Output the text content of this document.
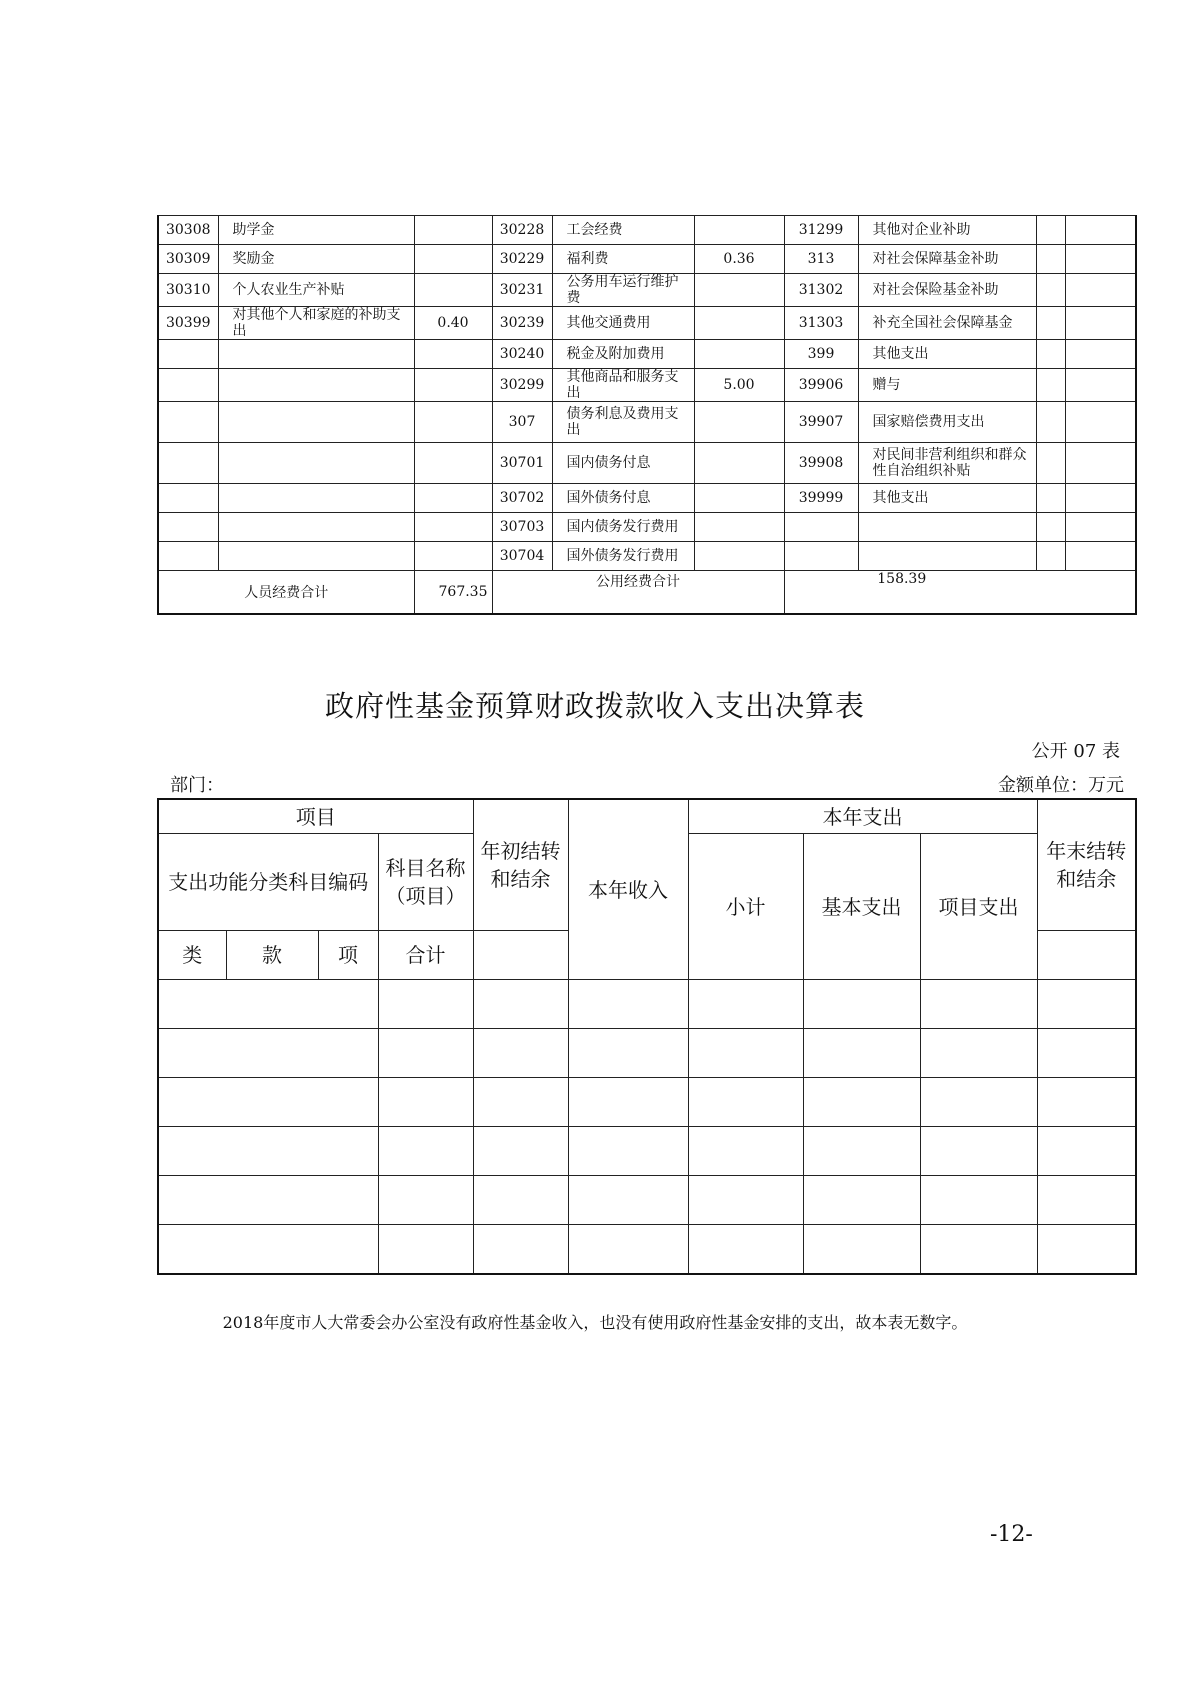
30308	助学金		30228	工会经费		31299	其他对企业补助		
30309	奖励金		30229	福利费	0.36	313	对社会保障基金补助		
30310	个人农业生产补贴		30231	公务用车运行维护费		31302	对社会保险基金补助		
30399	对其他个人和家庭的补助支出	0.40	30239	其他交通费用		31303	补充全国社会保障基金		
			30240	税金及附加费用		399	其他支出		
			30299	其他商品和服务支出	5.00	39906	赠与		
			307	债务利息及费用支出		39907	国家赔偿费用支出		
			30701	国内债务付息		39908	对民间非营利组织和群众性自治组织补贴		
			30702	国外债务付息		39999	其他支出		
			30703	国内债务发行费用					
			30704	国外债务发行费用					
人员经费合计		767.35	公用经费合计			158.39			
政府性基金预算财政拨款收入支出决算表
公开 07 表
部门：	金额单位：万元
项目				年初结转和结余	本年收入	本年支出			年末结转和结余
支出功能分类科目编码			科目名称（项目）			小计	基本支出	项目支出	
类	款	项	合计						

2018年度市人大常委会办公室没有政府性基金收入，也没有使用政府性基金安排的支出，故本表无数字。
-12-
